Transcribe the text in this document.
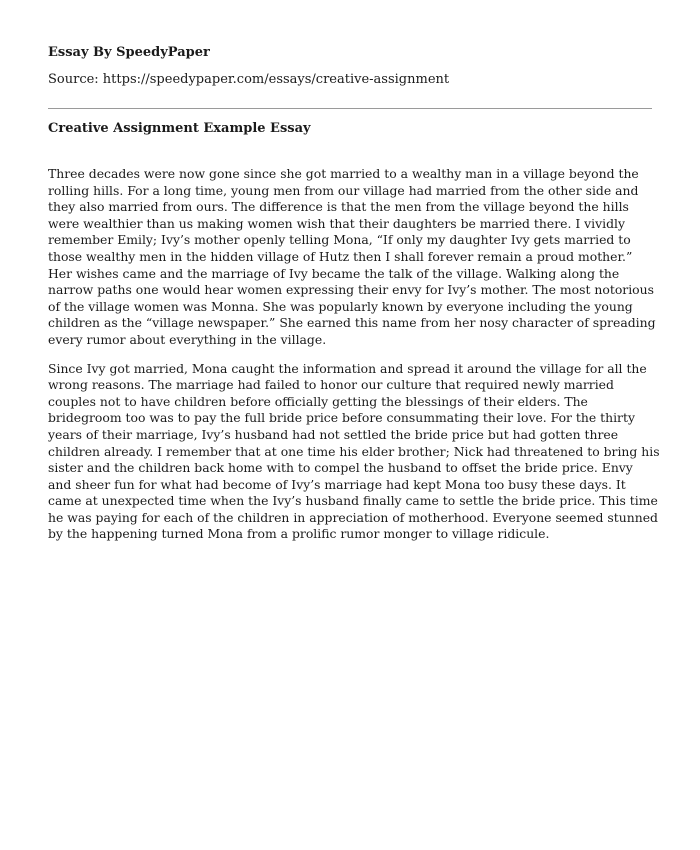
Essay By SpeedyPaper

Source: https://speedypaper.com/essays/creative-assignment

Creative Assignment Example Essay

Three decades were now gone since she got married to a wealthy man in a village beyond the rolling hills. For a long time, young men from our village had married from the other side and they also married from ours. The difference is that the men from the village beyond the hills were wealthier than us making women wish that their daughters be married there. I vividly remember Emily; Ivy’s mother openly telling Mona, “If only my daughter Ivy gets married to those wealthy men in the hidden village of Hutz then I shall forever remain a proud mother.” Her wishes came and the marriage of Ivy became the talk of the village. Walking along the narrow paths one would hear women expressing their envy for Ivy’s mother. The most notorious of the village women was Monna. She was popularly known by everyone including the young children as the “village newspaper.” She earned this name from her nosy character of spreading every rumor about everything in the village.

Since Ivy got married, Mona caught the information and spread it around the village for all the wrong reasons. The marriage had failed to honor our culture that required newly married couples not to have children before officially getting the blessings of their elders. The bridegroom too was to pay the full bride price before consummating their love. For the thirty years of their marriage, Ivy’s husband had not settled the bride price but had gotten three children already. I remember that at one time his elder brother; Nick had threatened to bring his sister and the children back home with to compel the husband to offset the bride price. Envy and sheer fun for what had become of Ivy’s marriage had kept Mona too busy these days. It came at unexpected time when the Ivy’s husband finally came to settle the bride price. This time he was paying for each of the children in appreciation of motherhood. Everyone seemed stunned by the happening turned Mona from a prolific rumor monger to village ridicule.
